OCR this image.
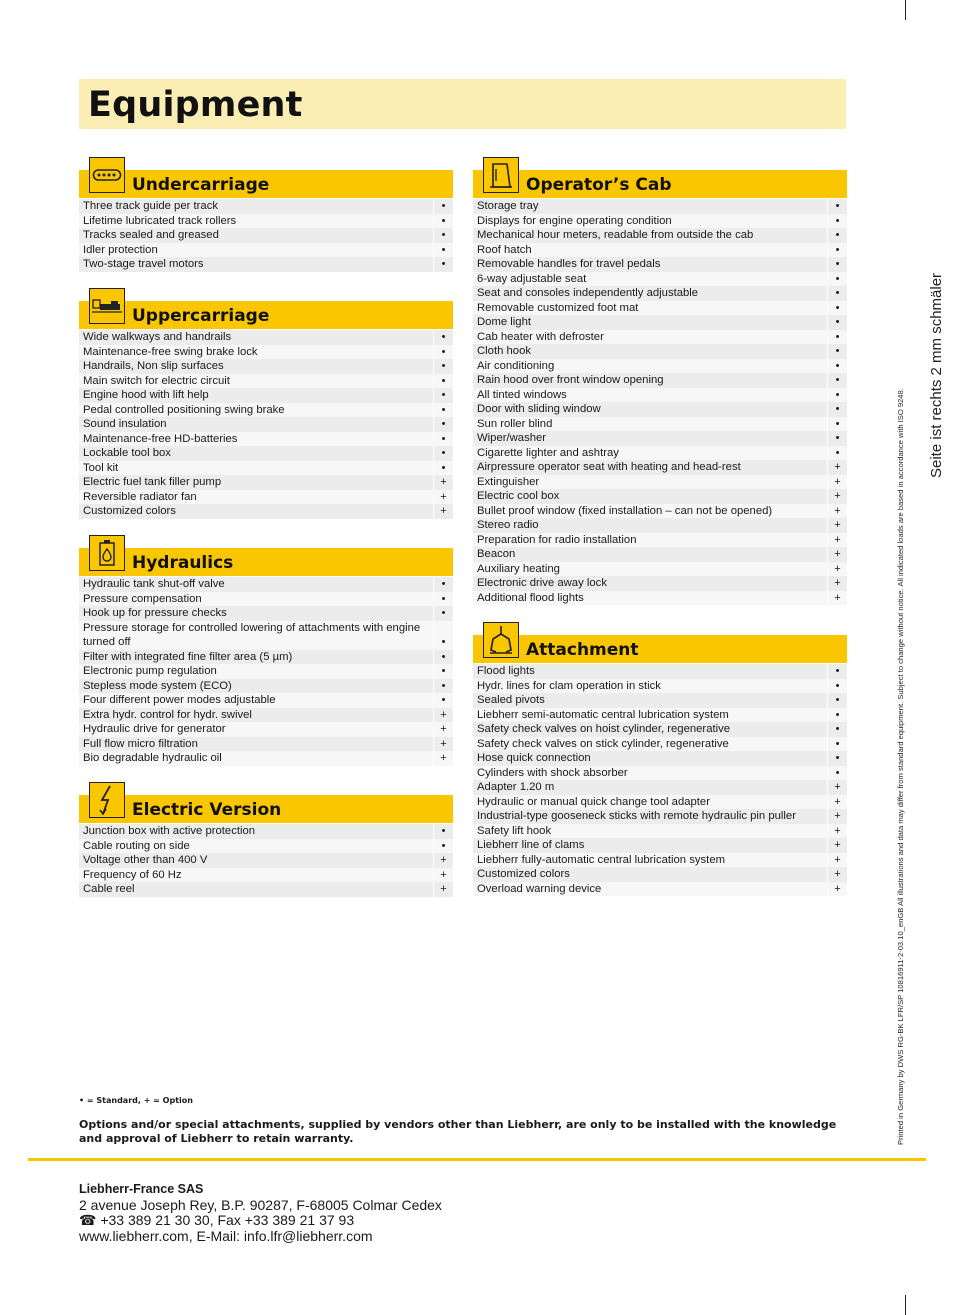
Equipment
Undercarriage
Three track guide per track	•
Lifetime lubricated track rollers	•
Tracks sealed and greased	•
Idler protection	•
Two-stage travel motors	•
Uppercarriage
Wide walkways and handrails	•
Maintenance-free swing brake lock	•
Handrails, Non slip surfaces	•
Main switch for electric circuit	•
Engine hood with lift help	•
Pedal controlled positioning swing brake	•
Sound insulation	•
Maintenance-free HD-batteries	•
Lockable tool box	•
Tool kit	•
Electric fuel tank filler pump	+
Reversible radiator fan	+
Customized colors	+
Hydraulics
Hydraulic tank shut-off valve	•
Pressure compensation	•
Hook up for pressure checks	•
Pressure storage for controlled lowering of attachments with engine turned off	•
Filter with integrated fine filter area (5 µm)	•
Electronic pump regulation	•
Stepless mode system (ECO)	•
Four different power modes adjustable	•
Extra hydr. control for hydr. swivel	+
Hydraulic drive for generator	+
Full flow micro filtration	+
Bio degradable hydraulic oil	+
Electric Version
Junction box with active protection	•
Cable routing on side	•
Voltage other than 400 V	+
Frequency of 60 Hz	+
Cable reel	+
Operator’s Cab
Storage tray	•
Displays for engine operating condition	•
Mechanical hour meters, readable from outside the cab	•
Roof hatch	•
Removable handles for travel pedals	•
6-way adjustable seat	•
Seat and consoles independently adjustable	•
Removable customized foot mat	•
Dome light	•
Cab heater with defroster	•
Cloth hook	•
Air conditioning	•
Rain hood over front window opening	•
All tinted windows	•
Door with sliding window	•
Sun roller blind	•
Wiper/washer	•
Cigarette lighter and ashtray	•
Airpressure operator seat with heating and head-rest	+
Extinguisher	+
Electric cool box	+
Bullet proof window (fixed installation – can not be opened)	+
Stereo radio	+
Preparation for radio installation	+
Beacon	+
Auxiliary heating	+
Electronic drive away lock	+
Additional flood lights	+
Attachment
Flood lights	•
Hydr. lines for clam operation in stick	•
Sealed pivots	•
Liebherr semi-automatic central lubrication system	•
Safety check valves on hoist cylinder, regenerative	•
Safety check valves on stick cylinder, regenerative	•
Hose quick connection	•
Cylinders with shock absorber	•
Adapter 1.20 m	+
Hydraulic or manual quick change tool adapter	+
Industrial-type gooseneck sticks with remote hydraulic pin puller	+
Safety lift hook	+
Liebherr line of clams	+
Liebherr fully-automatic central lubrication system	+
Customized colors	+
Overload warning device	+
• = Standard, + = Option
Options and/or special attachments, supplied by vendors other than Liebherr, are only to be installed with the knowledge and approval of Liebherr to retain warranty.
Liebherr-France SAS
2 avenue Joseph Rey, B.P. 90287, F-68005 Colmar Cedex
☎ +33 389 21 30 30, Fax +33 389 21 37 93
www.liebherr.com, E-Mail: info.lfr@liebherr.com
Printed in Germany by DWS RG-BK LFR/SP 10816911-2-03.10_enGB All illustrations and data may differ from standard equipment. Subject to change without notice. All indicated loads are based in accordance with ISO 9248.
Seite ist rechts 2 mm schmäler
